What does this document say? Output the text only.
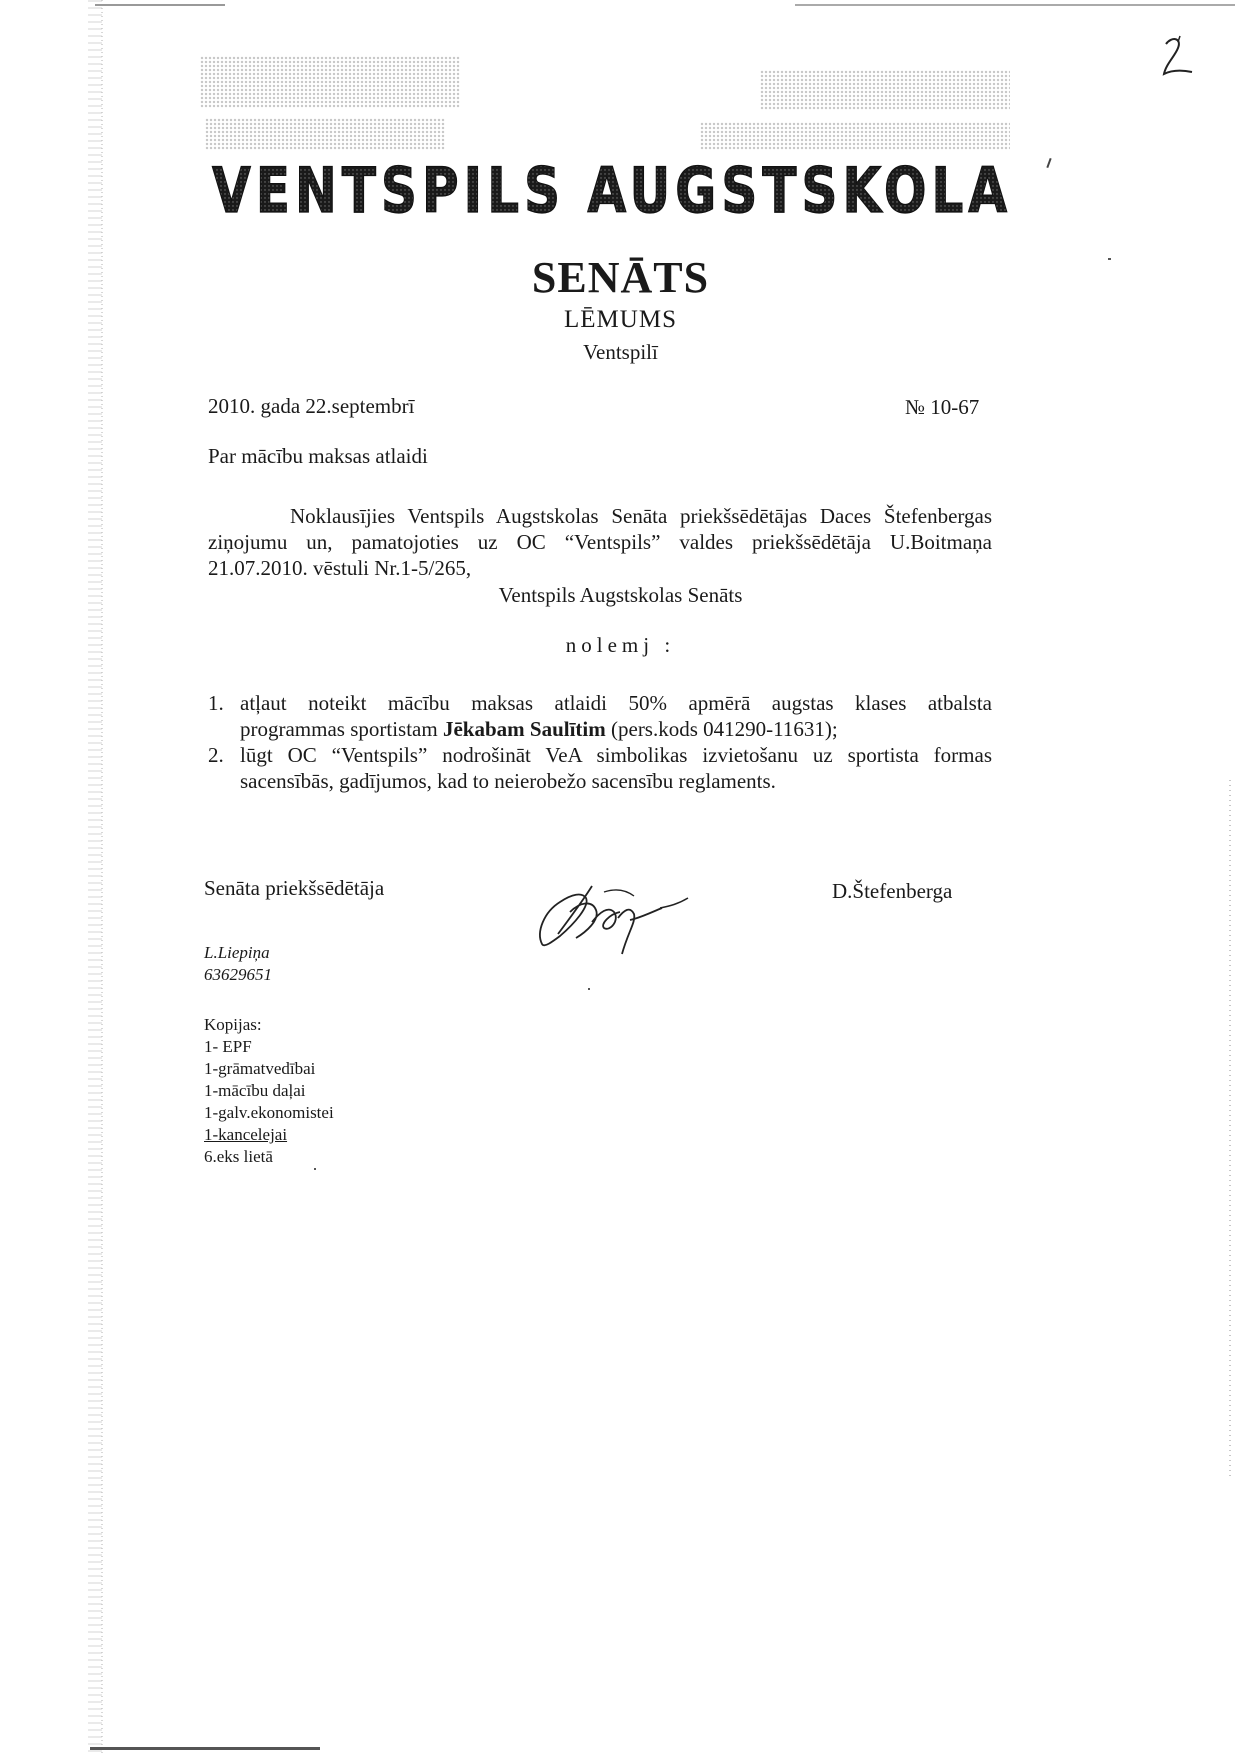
2
VENTSPILS AUGSTSKOLA
SENĀTS
LĒMUMS
Ventspilī
2010. gada 22.septembrī	№ 10-67
Par mācību maksas atlaidi
Noklausījies Ventspils Augstskolas Senāta priekšsēdētājas Daces Štefenbergas
ziņojumu un, pamatojoties uz OC “Ventspils” valdes priekšsēdētāja U.Boitmaņa
21.07.2010. vēstuli Nr.1-5/265,
Ventspils Augstskolas Senāts
nolemj :
1. atļaut noteikt mācību maksas atlaidi 50% apmērā augstas klases atbalsta
programmas sportistam Jēkabam Saulītim (pers.kods 041290-11631);
2. lūgt OC “Ventspils” nodrošināt VeA simbolikas izvietošanu uz sportista formas
sacensībās, gadījumos, kad to neierobežo sacensību reglaments.
Senāta priekšsēdētāja	D.Štefenberga
L.Liepiņa
63629651
Kopijas:
1- EPF
1-grāmatvedībai
1-mācību daļai
1-galv.ekonomistei
1-kancelejai
6.eks lietā
